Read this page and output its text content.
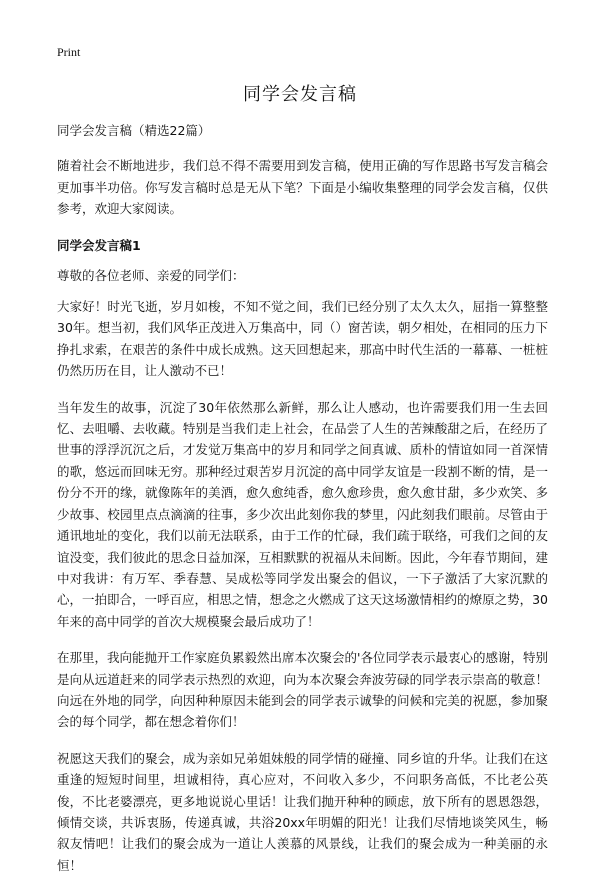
Print
同学会发言稿

同学会发言稿（精选22篇）

随着社会不断地进步，我们总不得不需要用到发言稿，使用正确的写作思路书写发言稿会更加事半功倍。你写发言稿时总是无从下笔？下面是小编收集整理的同学会发言稿，仅供参考，欢迎大家阅读。

同学会发言稿1

尊敬的各位老师、亲爱的同学们：

大家好！时光飞逝，岁月如梭，不知不觉之间，我们已经分别了太久太久，屈指一算整整30年。想当初，我们风华正茂进入万集高中，同（）窗苦读，朝夕相处，在相同的压力下挣扎求索，在艰苦的条件中成长成熟。这天回想起来，那高中时代生活的一幕幕、一桩桩仍然历历在目，让人激动不已！

当年发生的故事，沉淀了30年依然那么新鲜，那么让人感动，也许需要我们用一生去回忆、去咀嚼、去收藏。特别是当我们走上社会，在品尝了人生的苦辣酸甜之后，在经历了世事的浮浮沉沉之后，才发觉万集高中的岁月和同学之间真诚、质朴的情谊如同一首深情的歌，悠远而回味无穷。那种经过艰苦岁月沉淀的高中同学友谊是一段割不断的情，是一份分不开的缘，就像陈年的美酒，愈久愈纯香，愈久愈珍贵，愈久愈甘甜，多少欢笑、多少故事、校园里点点滴滴的往事，多少次出此刻你我的梦里，闪此刻我们眼前。尽管由于通讯地址的变化，我们以前无法联系，由于工作的忙碌，我们疏于联络，可我们之间的友谊没变，我们彼此的思念日益加深，互相默默的祝福从未间断。因此，今年春节期间，建中对我讲：有万军、季春慧、吴成松等同学发出聚会的倡议，一下子激活了大家沉默的心，一拍即合，一呼百应，相思之情，想念之火燃成了这天这场激情相约的燎原之势，30年来的高中同学的首次大规模聚会最后成功了！

在那里，我向能抛开工作家庭负累毅然出席本次聚会的'各位同学表示最衷心的感谢，特别是向从远道赶来的同学表示热烈的欢迎，向为本次聚会奔波劳碌的同学表示崇高的敬意！向远在外地的同学，向因种种原因未能到会的同学表示诚挚的问候和完美的祝愿，参加聚会的每个同学，都在想念着你们！

祝愿这天我们的聚会，成为亲如兄弟姐妹般的同学情的碰撞、同乡谊的升华。让我们在这重逢的短短时间里，坦诚相待，真心应对，不问收入多少，不问职务高低，不比老公英俊，不比老婆漂亮，更多地说说心里话！让我们抛开种种的顾虑，放下所有的恩恩怨怨，倾情交谈，共诉衷肠，传递真诚，共浴20xx年明媚的阳光！让我们尽情地谈笑风生，畅叙友情吧！让我们的聚会成为一道让人羡慕的风景线，让我们的聚会成为一种美丽的永恒！
